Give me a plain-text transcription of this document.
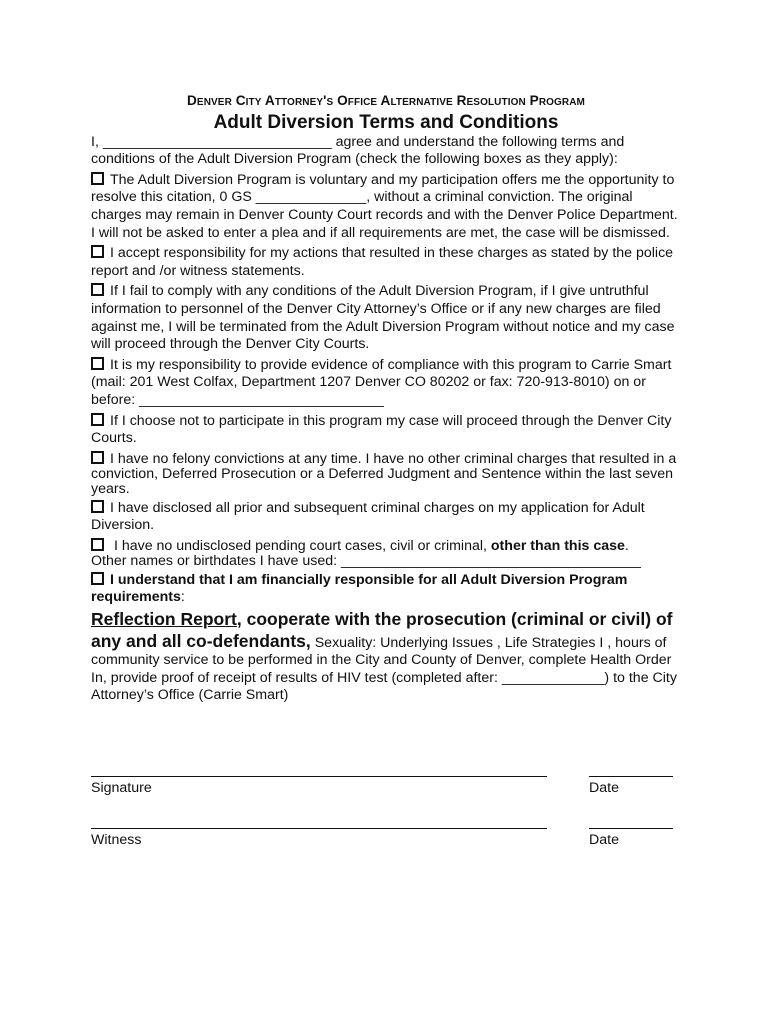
Denver City Attorney's Office Alternative Resolution Program
Adult Diversion Terms and Conditions

I, _____________________________ agree and understand the following terms and conditions of the Adult Diversion Program (check the following boxes as they apply):

The Adult Diversion Program is voluntary and my participation offers me the opportunity to resolve this citation, 0 GS ______________, without a criminal conviction. The original charges may remain in Denver County Court records and with the Denver Police Department. I will not be asked to enter a plea and if all requirements are met, the case will be dismissed.

I accept responsibility for my actions that resulted in these charges as stated by the police report and /or witness statements.

If I fail to comply with any conditions of the Adult Diversion Program, if I give untruthful information to personnel of the Denver City Attorney’s Office or if any new charges are filed against me, I will be terminated from the Adult Diversion Program without notice and my case will proceed through the Denver City Courts.

It is my responsibility to provide evidence of compliance with this program to Carrie Smart (mail: 201 West Colfax, Department 1207 Denver CO 80202 or fax: 720-913-8010) on or before: _______________________________

If I choose not to participate in this program my case will proceed through the Denver City Courts.

I have no felony convictions at any time. I have no other criminal charges that resulted in a conviction, Deferred Prosecution or a Deferred Judgment and Sentence within the last seven years.

I have disclosed all prior and subsequent criminal charges on my application for Adult Diversion.

I have no undisclosed pending court cases, civil or criminal, other than this case.
Other names or birthdates I have used: ______________________________________

I understand that I am financially responsible for all Adult Diversion Program requirements:

Reflection Report, cooperate with the prosecution (criminal or civil) of any and all co-defendants, Sexuality: Underlying Issues , Life Strategies I , hours of community service to be performed in the City and County of Denver, complete Health Order In, provide proof of receipt of results of HIV test (completed after: _____________) to the City Attorney’s Office (Carrie Smart)

Signature	Date
Witness	Date
